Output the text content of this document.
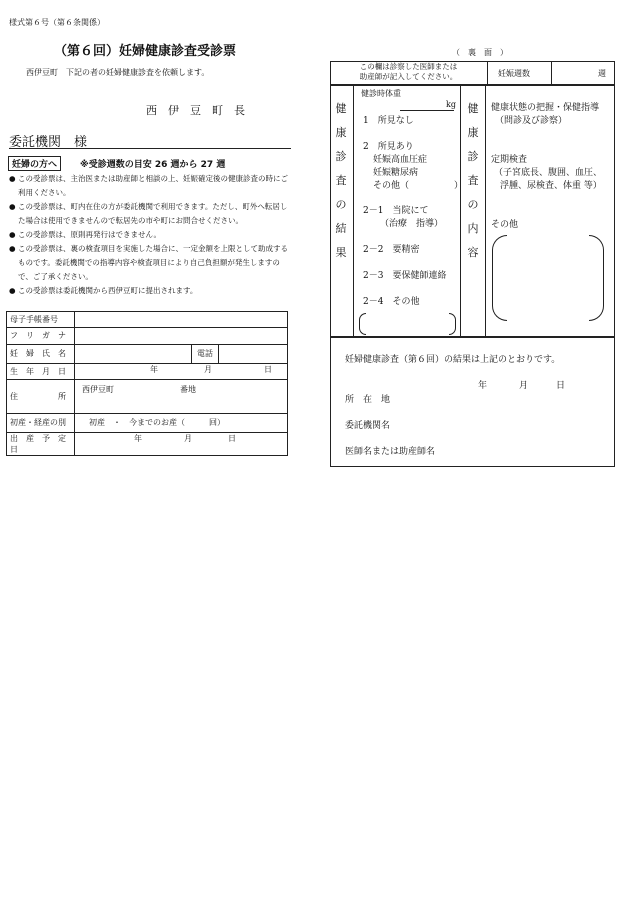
様式第６号（第６条関係）
（第６回）妊婦健康診査受診票
西伊豆町　下記の者の妊婦健康診査を依頼します。
西　伊　豆　町　長
委託機関　様
妊婦の方へ	※受診週数の目安 26 週から 27 週
● この受診票は、主治医または助産師と相談の上、妊娠確定後の健康診査の時にご利用ください。
● この受診票は、町内在住の方が委託機関で利用できます。ただし、町外へ転居した場合は使用できませんので転居先の市や町にお問合せください。
● この受診票は、原則再発行はできません。
● この受診票は、裏の検査項目を実施した場合に、一定金額を上限として助成するものです。委託機関での指導内容や検査項目により自己負担額が発生しますので、ご了承ください。
● この受診票は委託機関から西伊豆町に提出されます。
母子手帳番号			
フ　リ　ガ　ナ			
妊　婦　氏　名		電話	
生　年　月　日	年 月 日		

住　　　　　所	西伊豆町 番地		

初産・経産の別	初産　・　今までのお産（　　　回）		
出　産　予　定　日	年 月 日		
（　裏　面　）
この欄は診察した医師または
助産師が記入してください。	妊娠週数	週
健
康
診
査
の
結
果
健診時体重
kg
1　所見なし
2　所見あり
妊娠高血圧症
妊娠糖尿病
その他（　　　　　）
2－1　当院にて
（治療　指導）
2－2　要精密
2－3　要保健師連絡
2－4　その他
健
康
診
査
の
内
容
健康状態の把握・保健指導
（問診及び診察）
定期検査
（子宮底長、腹囲、血圧、
浮腫、尿検査、体重 等）
その他
妊婦健康診査（第６回）の結果は上記のとおりです。
年	月	日
所　在　地
委託機関名
医師名または助産師名
